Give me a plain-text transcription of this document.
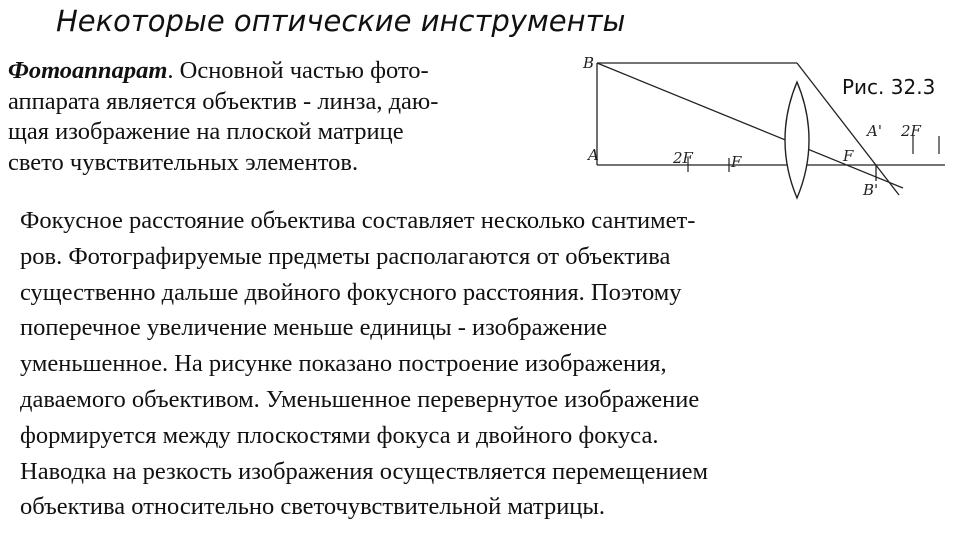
Некоторые оптические инструменты
Фотоаппарат. Основной частью фото-
аппарата является объектив - линза, даю-
щая изображение на плоской матрице
свето чувствительных элементов.
Рис. 32.3
B
A	2F	F
A' 2F
F
B'
Фокусное расстояние объектива составляет несколько сантимет-
ров. Фотографируемые предметы располагаются от объектива
существенно дальше двойного фокусного расстояния. Поэтому
поперечное увеличение меньше единицы - изображение
уменьшенное. На рисунке показано построение изображения,
даваемого объективом. Уменьшенное перевернутое изображение
формируется между плоскостями фокуса и двойного фокуса.
Наводка на резкость изображения осуществляется перемещением
объектива относительно светочувствительной матрицы.
